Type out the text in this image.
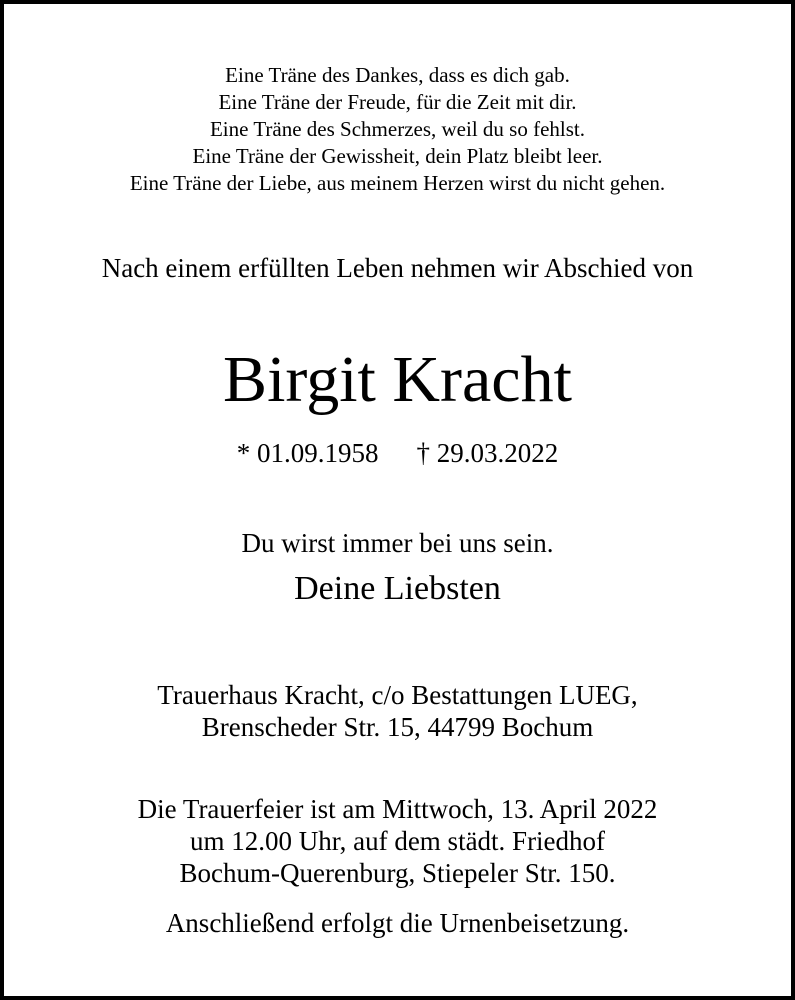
Eine Träne des Dankes, dass es dich gab.

Eine Träne der Freude, für die Zeit mit dir.

Eine Träne des Schmerzes, weil du so fehlst.

Eine Träne der Gewissheit, dein Platz bleibt leer.

Eine Träne der Liebe, aus meinem Herzen wirst du nicht gehen.

Nach einem erfüllten Leben nehmen wir Abschied von

Birgit Kracht

* 01.09.1958 † 29.03.2022

Du wirst immer bei uns sein.

Deine Liebsten

Trauerhaus Kracht, c/o Bestattungen LUEG,

Brenscheder Str. 15, 44799 Bochum

Die Trauerfeier ist am Mittwoch, 13. April 2022

um 12.00 Uhr, auf dem städt. Friedhof

Bochum-Querenburg, Stiepeler Str. 150.

Anschließend erfolgt die Urnenbeisetzung.
